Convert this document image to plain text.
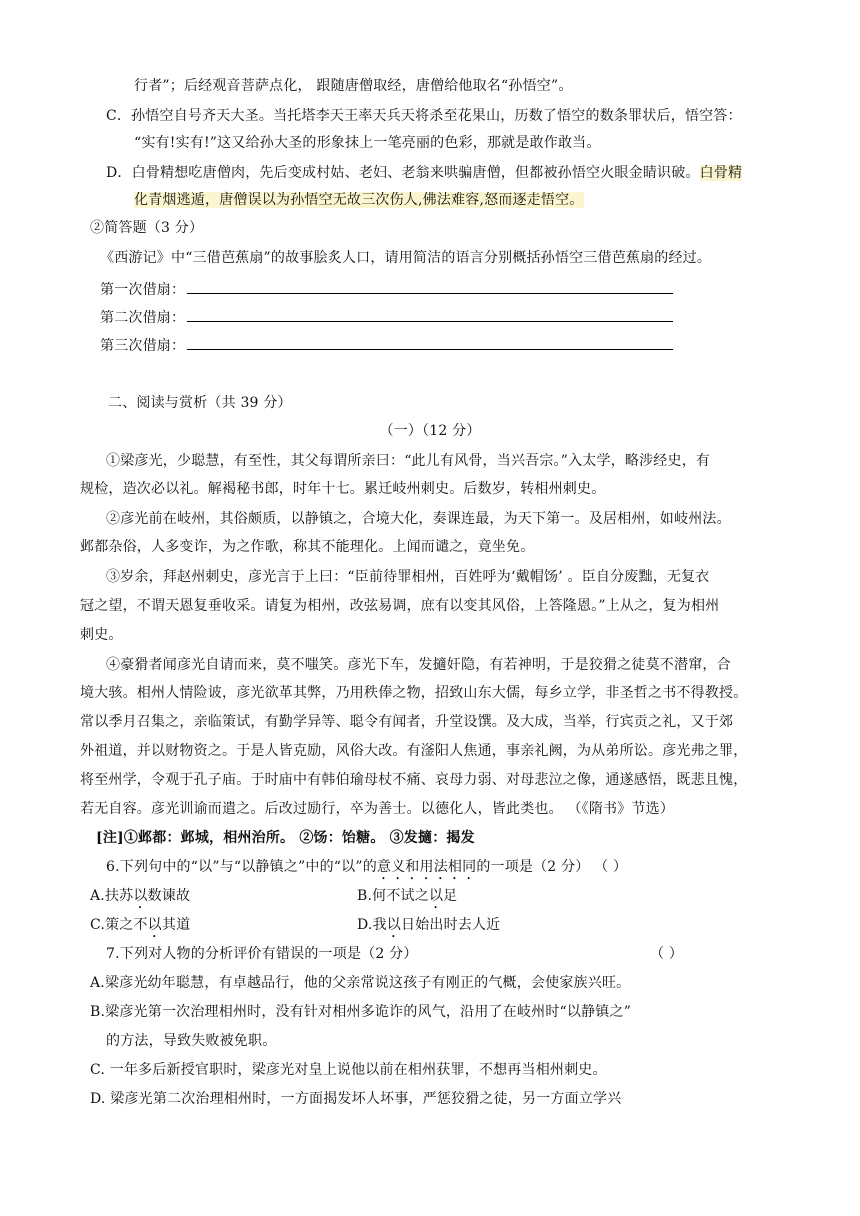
行者”；后经观音菩萨点化， 跟随唐僧取经，唐僧给他取名“孙悟空”。
C．孙悟空自号齐天大圣。当托塔李天王率天兵天将杀至花果山，历数了悟空的数条罪状后，悟空答：
“实有!实有!”这又给孙大圣的形象抹上一笔亮丽的色彩，那就是敢作敢当。
D．白骨精想吃唐僧肉，先后变成村姑、老妇、老翁来哄骗唐僧，但都被孙悟空火眼金睛识破。白骨精
化青烟逃遁，唐僧误以为孙悟空无故三次伤人,佛法难容,怒而逐走悟空。
②简答题（3 分）
《西游记》中“三借芭蕉扇”的故事脍炙人口，请用简洁的语言分别概括孙悟空三借芭蕉扇的经过。
第一次借扇：
第二次借扇：
第三次借扇：
二、阅读与赏析（共 39 分）
（一）（12 分）
①梁彦光，少聪慧，有至性，其父每谓所亲曰：“此儿有风骨，当兴吾宗。”入太学，略涉经史，有
规检，造次必以礼。解褐秘书郎，时年十七。累迁岐州刺史。后数岁，转相州刺史。
②彦光前在岐州，其俗颇质，以静镇之，合境大化，奏课连最，为天下第一。及居相州，如岐州法。
邺都杂俗，人多变诈，为之作歌，称其不能理化。上闻而谴之，竟坐免。
③岁余，拜赵州刺史，彦光言于上曰：“臣前待罪相州，百姓呼为‘戴帽饧’ 。臣自分废黜，无复衣
冠之望，不谓天恩复垂收采。请复为相州，改弦易调，庶有以变其风俗，上答隆恩。”上从之，复为相州
刺史。
④豪猾者闻彦光自请而来，莫不嗤笑。彦光下车，发擿奸隐，有若神明，于是狡猾之徒莫不潜窜，合
境大骇。相州人情险诐，彦光欲革其弊，乃用秩俸之物，招致山东大儒，每乡立学，非圣哲之书不得教授。
常以季月召集之，亲临策试，有勤学异等、聪令有闻者，升堂设馔。及大成，当举，行宾贡之礼，又于郊
外祖道，并以财物资之。于是人皆克励，风俗大改。有滏阳人焦通，事亲礼阙，为从弟所讼。彦光弗之罪，
将至州学，令观于孔子庙。于时庙中有韩伯瑜母杖不痛、哀母力弱、对母悲泣之像，通遂感悟，既悲且愧，
若无自容。彦光训谕而遣之。后改过励行，卒为善士。以德化人，皆此类也。 （《隋书》节选）
[注]①邺都：邺城，相州治所。 ②饧：饴糖。 ③发擿：揭发
6.下列句中的“以”与“以静镇之”中的“以”的意义和用法相同的一项是（2 分） （ ）
A.扶苏以数谏故	B.何不试之以足
C.策之不以其道	D.我以日始出时去人近
7.下列对人物的分析评价有错误的一项是（2 分）	（ ）
A.梁彦光幼年聪慧，有卓越品行，他的父亲常说这孩子有刚正的气概，会使家族兴旺。
B.梁彦光第一次治理相州时，没有针对相州多诡诈的风气，沿用了在岐州时“以静镇之”
的方法，导致失败被免职。
C. 一年多后新授官职时，梁彦光对皇上说他以前在相州获罪，不想再当相州刺史。
D. 梁彦光第二次治理相州时，一方面揭发坏人坏事，严惩狡猾之徒，另一方面立学兴
